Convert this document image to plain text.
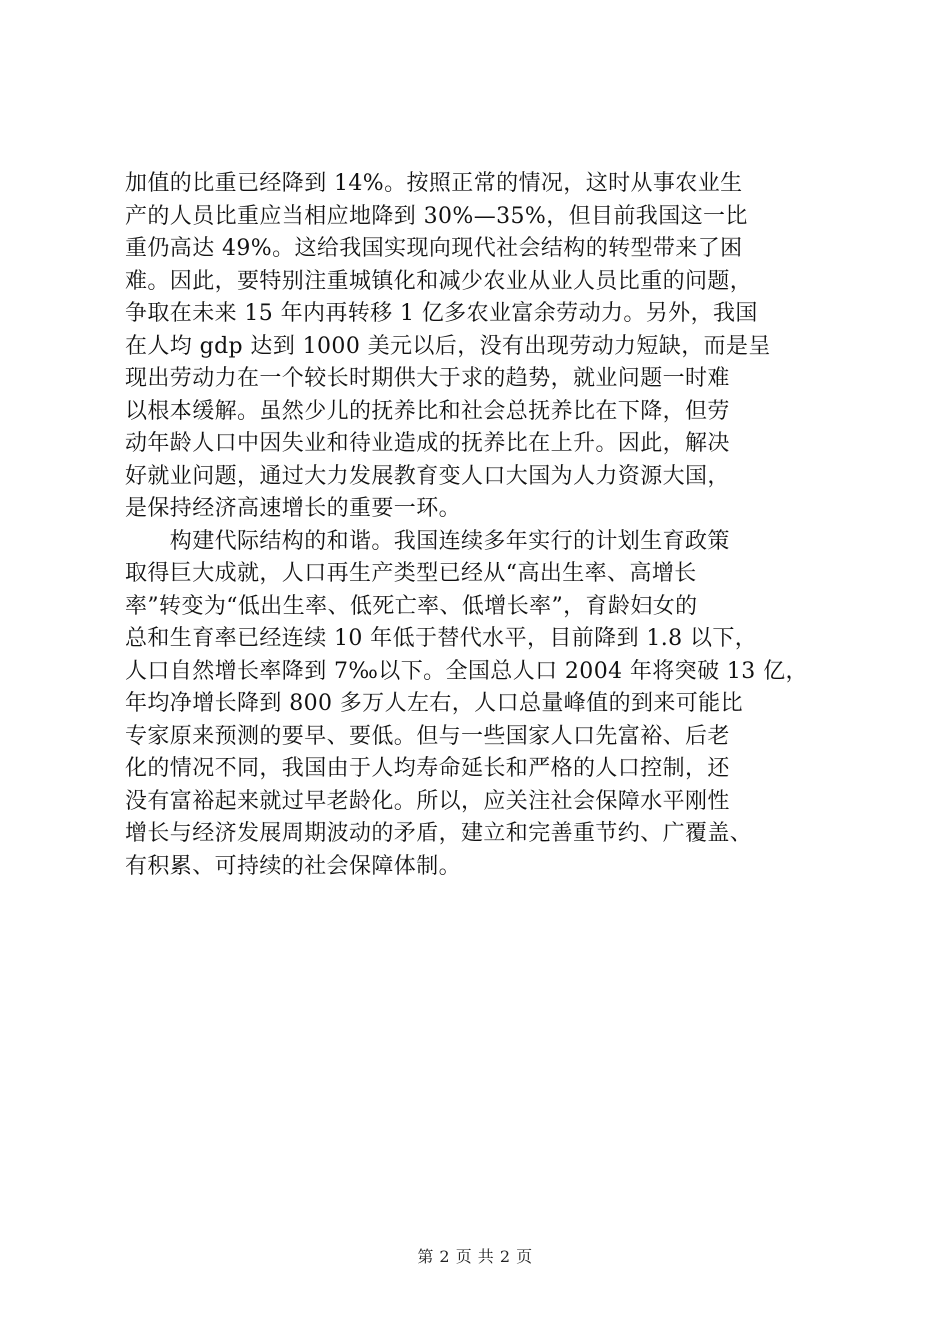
加值的比重已经降到 14%。按照正常的情况，这时从事农业生
产的人员比重应当相应地降到 30%—35%，但目前我国这一比
重仍高达 49%。这给我国实现向现代社会结构的转型带来了困
难。因此，要特别注重城镇化和减少农业从业人员比重的问题，
争取在未来 15 年内再转移 1 亿多农业富余劳动力。另外，我国
在人均 gdp 达到 1000 美元以后，没有出现劳动力短缺，而是呈
现出劳动力在一个较长时期供大于求的趋势，就业问题一时难
以根本缓解。虽然少儿的抚养比和社会总抚养比在下降，但劳
动年龄人口中因失业和待业造成的抚养比在上升。因此，解决
好就业问题，通过大力发展教育变人口大国为人力资源大国，
是保持经济高速增长的重要一环。

　　构建代际结构的和谐。我国连续多年实行的计划生育政策
取得巨大成就，人口再生产类型已经从“高出生率、高增长
率”转变为“低出生率、低死亡率、低增长率”，育龄妇女的
总和生育率已经连续 10 年低于替代水平，目前降到 1.8 以下，
人口自然增长率降到 7‰以下。全国总人口 2004 年将突破 13 亿，
年均净增长降到 800 多万人左右，人口总量峰值的到来可能比
专家原来预测的要早、要低。但与一些国家人口先富裕、后老
化的情况不同，我国由于人均寿命延长和严格的人口控制，还
没有富裕起来就过早老龄化。所以，应关注社会保障水平刚性
增长与经济发展周期波动的矛盾，建立和完善重节约、广覆盖、
有积累、可持续的社会保障体制。

第 2 页 共 2 页
